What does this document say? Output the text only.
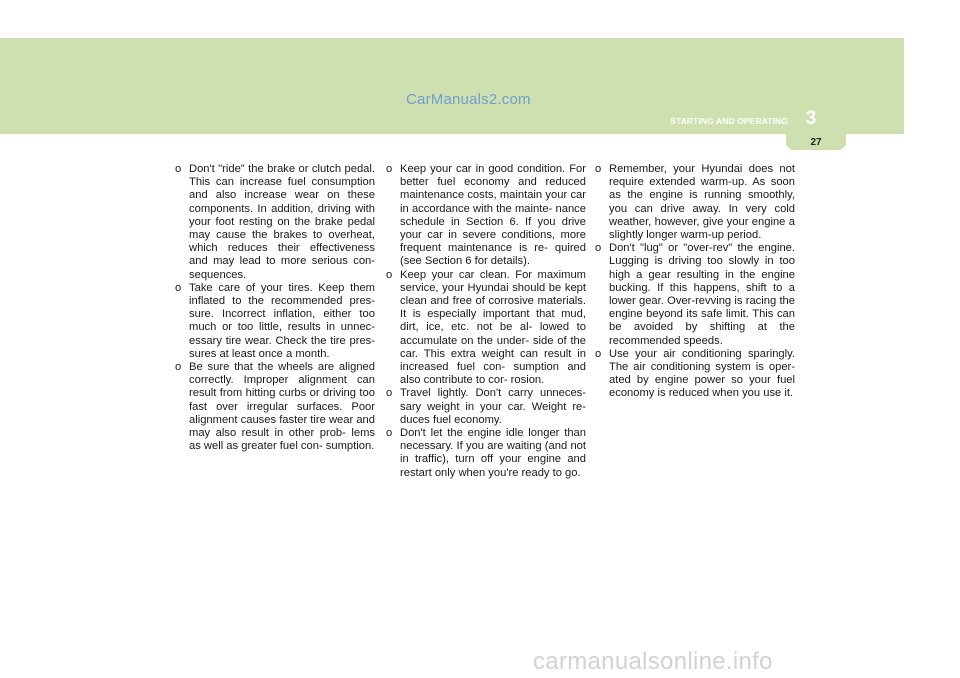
CarManuals2.com
3
STARTING AND OPERATING
27

o Don't "ride" the brake or clutch pedal. This can increase fuel consumption and also increase wear on these components. In addition, driving with your foot resting on the brake pedal may cause the brakes to overheat, which reduces their effectiveness and may lead to more serious con- sequences.

o Take care of your tires. Keep them inflated to the recommended pres- sure. Incorrect inflation, either too much or too little, results in unnec- essary tire wear. Check the tire pres- sures at least once a month.

o Be sure that the wheels are aligned correctly. Improper alignment can result from hitting curbs or driving too fast over irregular surfaces. Poor alignment causes faster tire wear and may also result in other prob- lems as well as greater fuel con- sumption.

o Keep your car in good condition. For better fuel economy and reduced maintenance costs, maintain your car in accordance with the mainte- nance schedule in Section 6. If you drive your car in severe conditions, more frequent maintenance is re- quired (see Section 6 for details).

o Keep your car clean. For maximum service, your Hyundai should be kept clean and free of corrosive materials. It is especially important that mud, dirt, ice, etc. not be al- lowed to accumulate on the under- side of the car. This extra weight can result in increased fuel con- sumption and also contribute to cor- rosion.

o Travel lightly. Don't carry unneces- sary weight in your car. Weight re- duces fuel economy.

o Don't let the engine idle longer than necessary. If you are waiting (and not in traffic), turn off your engine and restart only when you're ready to go.

o Remember, your Hyundai does not require extended warm-up. As soon as the engine is running smoothly, you can drive away. In very cold weather, however, give your engine a slightly longer warm-up period.

o Don't "lug" or "over-rev" the engine. Lugging is driving too slowly in too high a gear resulting in the engine bucking. If this happens, shift to a lower gear. Over-revving is racing the engine beyond its safe limit. This can be avoided by shifting at the recommended speeds.

o Use your air conditioning sparingly. The air conditioning system is oper- ated by engine power so your fuel economy is reduced when you use it.

carmanualsonline.info
